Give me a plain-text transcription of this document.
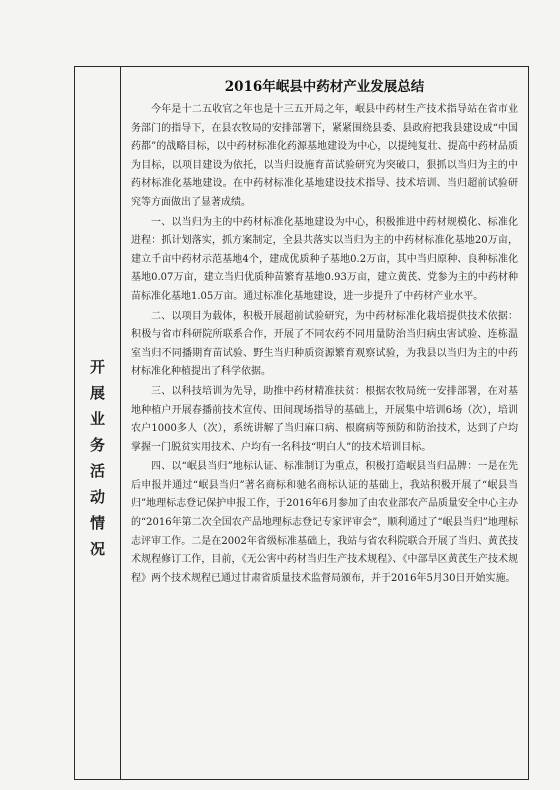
开展业务活动情况
2016年岷县中药材产业发展总结

今年是十二五收官之年也是十三五开局之年，岷县中药材生产技术指导站在省市业务部门的指导下，在县农牧局的安排部署下，紧紧围绕县委、县政府把我县建设成“中国药都”的战略目标，以中药材标准化药源基地建设为中心，以提纯复壮、提高中药材品质为目标，以项目建设为依托，以当归设施育苗试验研究为突破口，狠抓以当归为主的中药材标准化基地建设。在中药材标准化基地建设技术指导、技术培训、当归超前试验研究等方面做出了显著成绩。

一、以当归为主的中药材标准化基地建设为中心，积极推进中药材规模化、标准化进程：抓计划落实，抓方案制定，全县共落实以当归为主的中药材标准化基地20万亩，建立千亩中药材示范基地4个，建成优质种子基地0.2万亩，其中当归原种、良种标准化基地0.07万亩，建立当归优质种苗繁育基地0.93万亩，建立黄芪、党参为主的中药材种苗标准化基地1.05万亩。通过标准化基地建设，进一步提升了中药材产业水平。

二、以项目为载体，积极开展超前试验研究，为中药材标准化栽培提供技术依据：积极与省市科研院所联系合作，开展了不同农药不同用量防治当归病虫害试验、连栋温室当归不同播期育苗试验、野生当归种质资源繁育观察试验，为我县以当归为主的中药材标准化种植提出了科学依据。

三、以科技培训为先导，助推中药材精准扶贫：根据农牧局统一安排部署，在对基地种植户开展春播前技术宣传、田间现场指导的基础上，开展集中培训6场（次），培训农户1000多人（次），系统讲解了当归麻口病、根腐病等预防和防治技术，达到了户均掌握一门脱贫实用技术、户均有一名科技“明白人”的技术培训目标。

四、以“岷县当归”地标认证、标准制订为重点，积极打造岷县当归品牌：一是在先后申报并通过“岷县当归”著名商标和驰名商标认证的基础上，我站积极开展了“岷县当归”地理标志登记保护申报工作，于2016年6月参加了由农业部农产品质量安全中心主办的“2016年第二次全国农产品地理标志登记专家评审会”，顺利通过了“岷县当归”地理标志评审工作。二是在2002年省级标准基础上，我站与省农科院联合开展了当归、黄芪技术规程修订工作，目前，《无公害中药材当归生产技术规程》、《中部旱区黄芪生产技术规程》两个技术规程已通过甘肃省质量技术监督局颁布，并于2016年5月30日开始实施。
